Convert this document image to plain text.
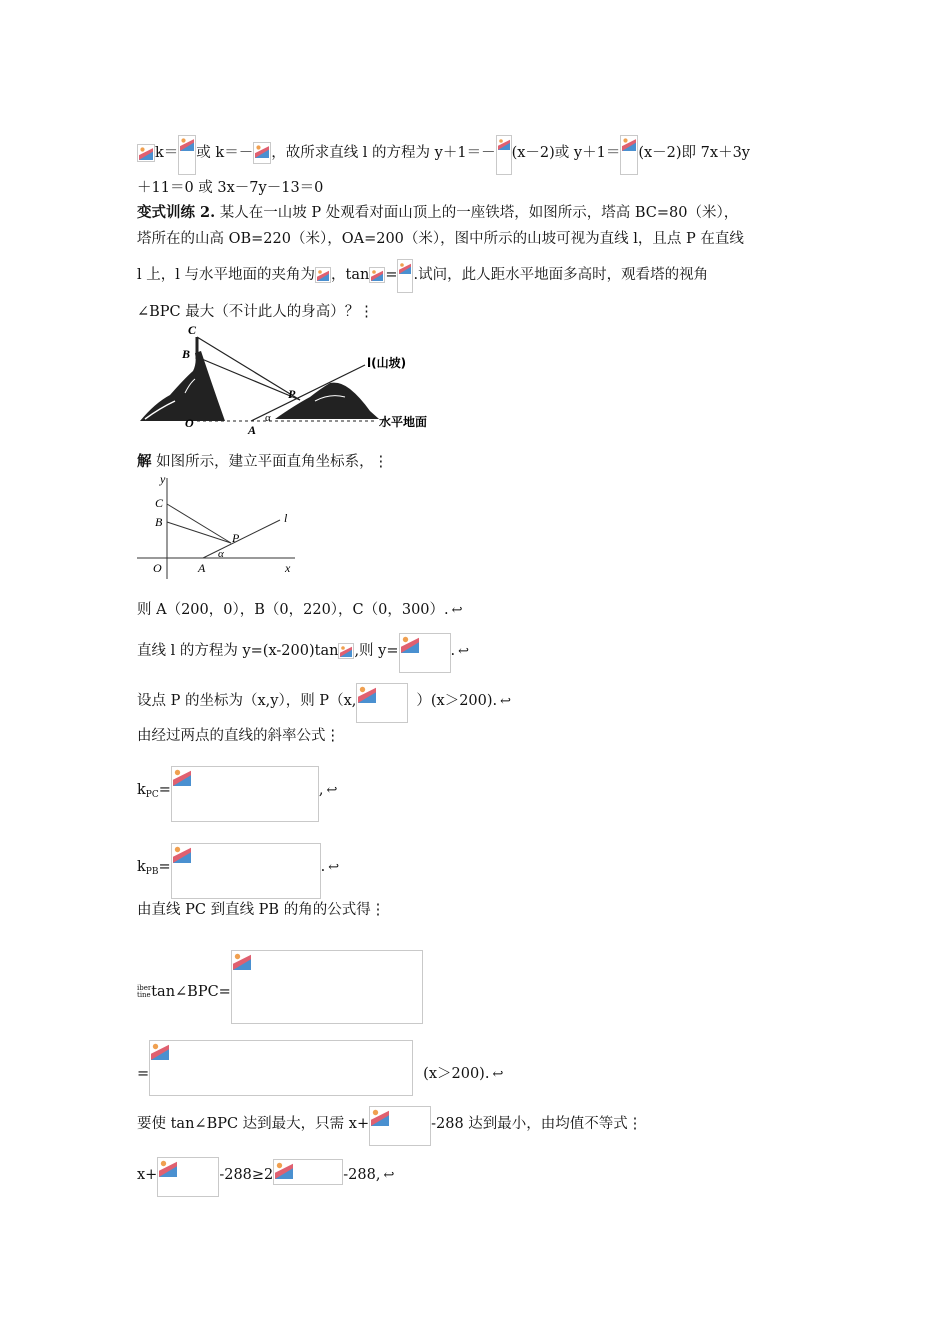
k＝ 或 k＝－ ，故所求直线 l 的方程为 y＋1＝－ (x－2)或 y＋1＝ (x－2)即 7x＋3y
＋11＝0 或 3x－7y－13＝0
变式训练 2. 某人在一山坡 P 处观看对面山顶上的一座铁塔，如图所示，塔高 BC=80（米），
塔所在的山高 OB=220（米），OA=200（米），图中所示的山坡可视为直线 l，且点 P 在直线
l 上，l 与水平地面的夹角为 ，tan = .试问，此人距水平地面多高时，观看塔的视角
∠BPC 最大（不计此人的身高）？⋮
C
B
P
O	A
α
l(山坡)
水平地面
解 如图所示，建立平面直角坐标系，⋮
y
C
B
P
l
O	A
α
x
则 A（200，0），B（0，220），C（0，300）. ↩
直线 l 的方程为 y=(x-200)tan ,则 y=	. ↩
设点 P 的坐标为（x,y），则 P（x,	）(x＞200). ↩
由经过两点的直线的斜率公式⋮
$k_{PC}=$	, ↩
$k_{PB}=$	. ↩
由直线 PC 到直线 PB 的角的公式得⋮
iber
tinetan∠BPC=
=	(x＞200). ↩
要使 tan∠BPC 达到最大，只需 x+	-288 达到最小，由均值不等式⋮
x+	-288≥2	-288, ↩
